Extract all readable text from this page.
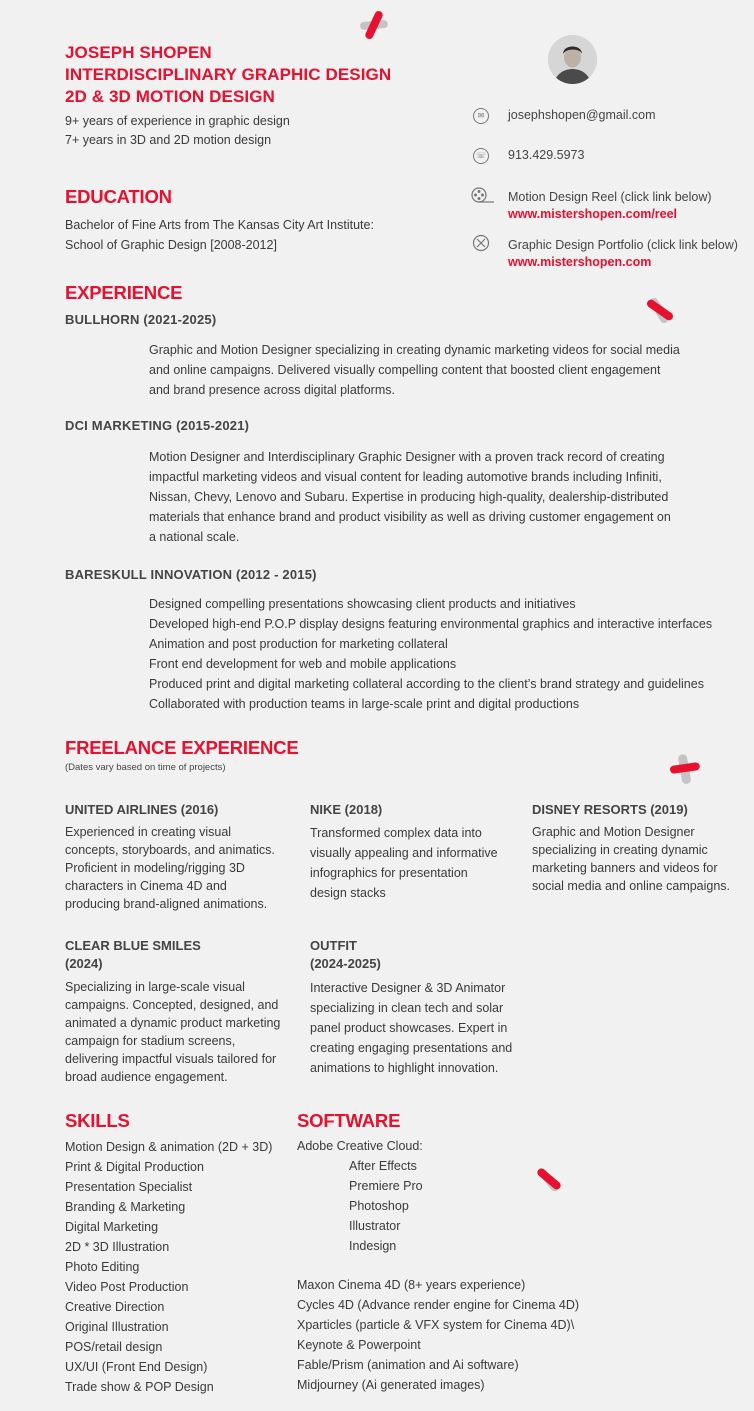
JOSEPH SHOPEN
INTERDISCIPLINARY GRAPHIC DESIGN
2D & 3D MOTION DESIGN
9+ years of experience in graphic design
7+ years in 3D and 2D motion design
✉	josephshopen@gmail.com
☏ 913.429.5973
Motion Design Reel (click link below)
www.mistershopen.com/reel
Graphic Design Portfolio (click link below)
www.mistershopen.com
EDUCATION
Bachelor of Fine Arts from The Kansas City Art Institute:
School of Graphic Design [2008-2012]
EXPERIENCE
BULLHORN (2021-2025)
Graphic and Motion Designer specializing in creating dynamic marketing videos for social media
and online campaigns. Delivered visually compelling content that boosted client engagement
and brand presence across digital platforms.
DCI MARKETING (2015-2021)
Motion Designer and Interdisciplinary Graphic Designer with a proven track record of creating
impactful marketing videos and visual content for leading automotive brands including Infiniti,
Nissan, Chevy, Lenovo and Subaru. Expertise in producing high-quality, dealership-distributed
materials that enhance brand and product visibility as well as driving customer engagement on
a national scale.
BARESKULL INNOVATION (2012 - 2015)
Designed compelling presentations showcasing client products and initiatives
Developed high-end P.O.P display designs featuring environmental graphics and interactive interfaces
Animation and post production for marketing collateral
Front end development for web and mobile applications
Produced print and digital marketing collateral according to the client’s brand strategy and guidelines
Collaborated with production teams in large-scale print and digital productions
FREELANCE EXPERIENCE
(Dates vary based on time of projects)
UNITED AIRLINES (2016)
Experienced in creating visual
concepts, storyboards, and animatics.
Proficient in modeling/rigging 3D
characters in Cinema 4D and
producing brand-aligned animations.
NIKE (2018)
Transformed complex data into
visually appealing and informative
infographics for presentation
design stacks
DISNEY RESORTS (2019)
Graphic and Motion Designer
specializing in creating dynamic
marketing banners and videos for
social media and online campaigns.
CLEAR BLUE SMILES
(2024)
Specializing in large-scale visual
campaigns. Concepted, designed, and
animated a dynamic product marketing
campaign for stadium screens,
delivering impactful visuals tailored for
broad audience engagement.
OUTFIT
(2024-2025)
Interactive Designer & 3D Animator
specializing in clean tech and solar
panel product showcases. Expert in
creating engaging presentations and
animations to highlight innovation.
SKILLS
Motion Design & animation (2D + 3D)
Print & Digital Production
Presentation Specialist
Branding & Marketing
Digital Marketing
2D * 3D Illustration
Photo Editing
Video Post Production
Creative Direction
Original Illustration
POS/retail design
UX/UI (Front End Design)
Trade show & POP Design
SOFTWARE
Adobe Creative Cloud:
After Effects
Premiere Pro
Photoshop
Illustrator
Indesign
Maxon Cinema 4D (8+ years experience)
Cycles 4D (Advance render engine for Cinema 4D)
Xparticles (particle & VFX system for Cinema 4D)\
Keynote & Powerpoint
Fable/Prism (animation and Ai software)
Midjourney (Ai generated images)
